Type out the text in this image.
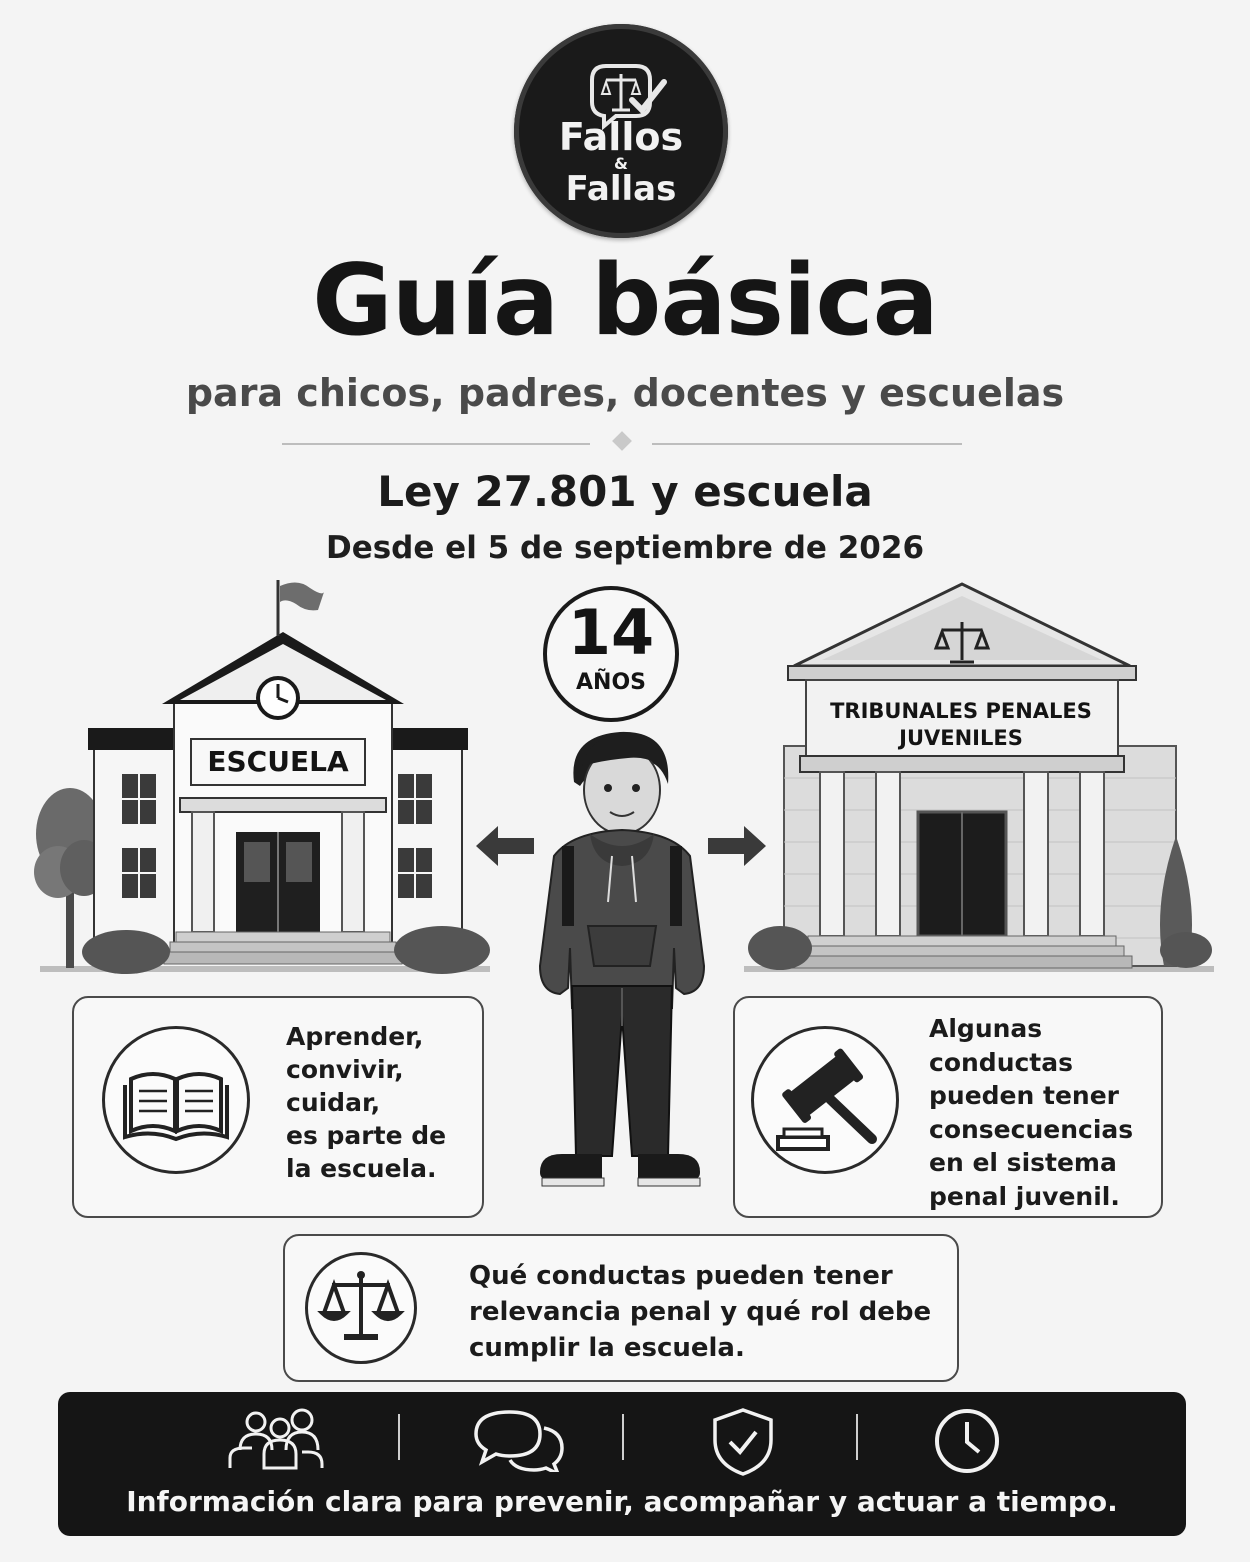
Fallos
&
Fallas
Guía básica
para chicos, padres, docentes y escuelas
Ley 27.801 y escuela
Desde el 5 de septiembre de 2026
14
AÑOS
ESCUELA
TRIBUNALES PENALES
JUVENILES
Aprender,
convivir,
cuidar,
es parte de
la escuela.
Algunas
conductas
pueden tener
consecuencias
en el sistema
penal juvenil.
Qué conductas pueden tener
relevancia penal y qué rol debe
cumplir la escuela.
Información clara para prevenir, acompañar y actuar a tiempo.
